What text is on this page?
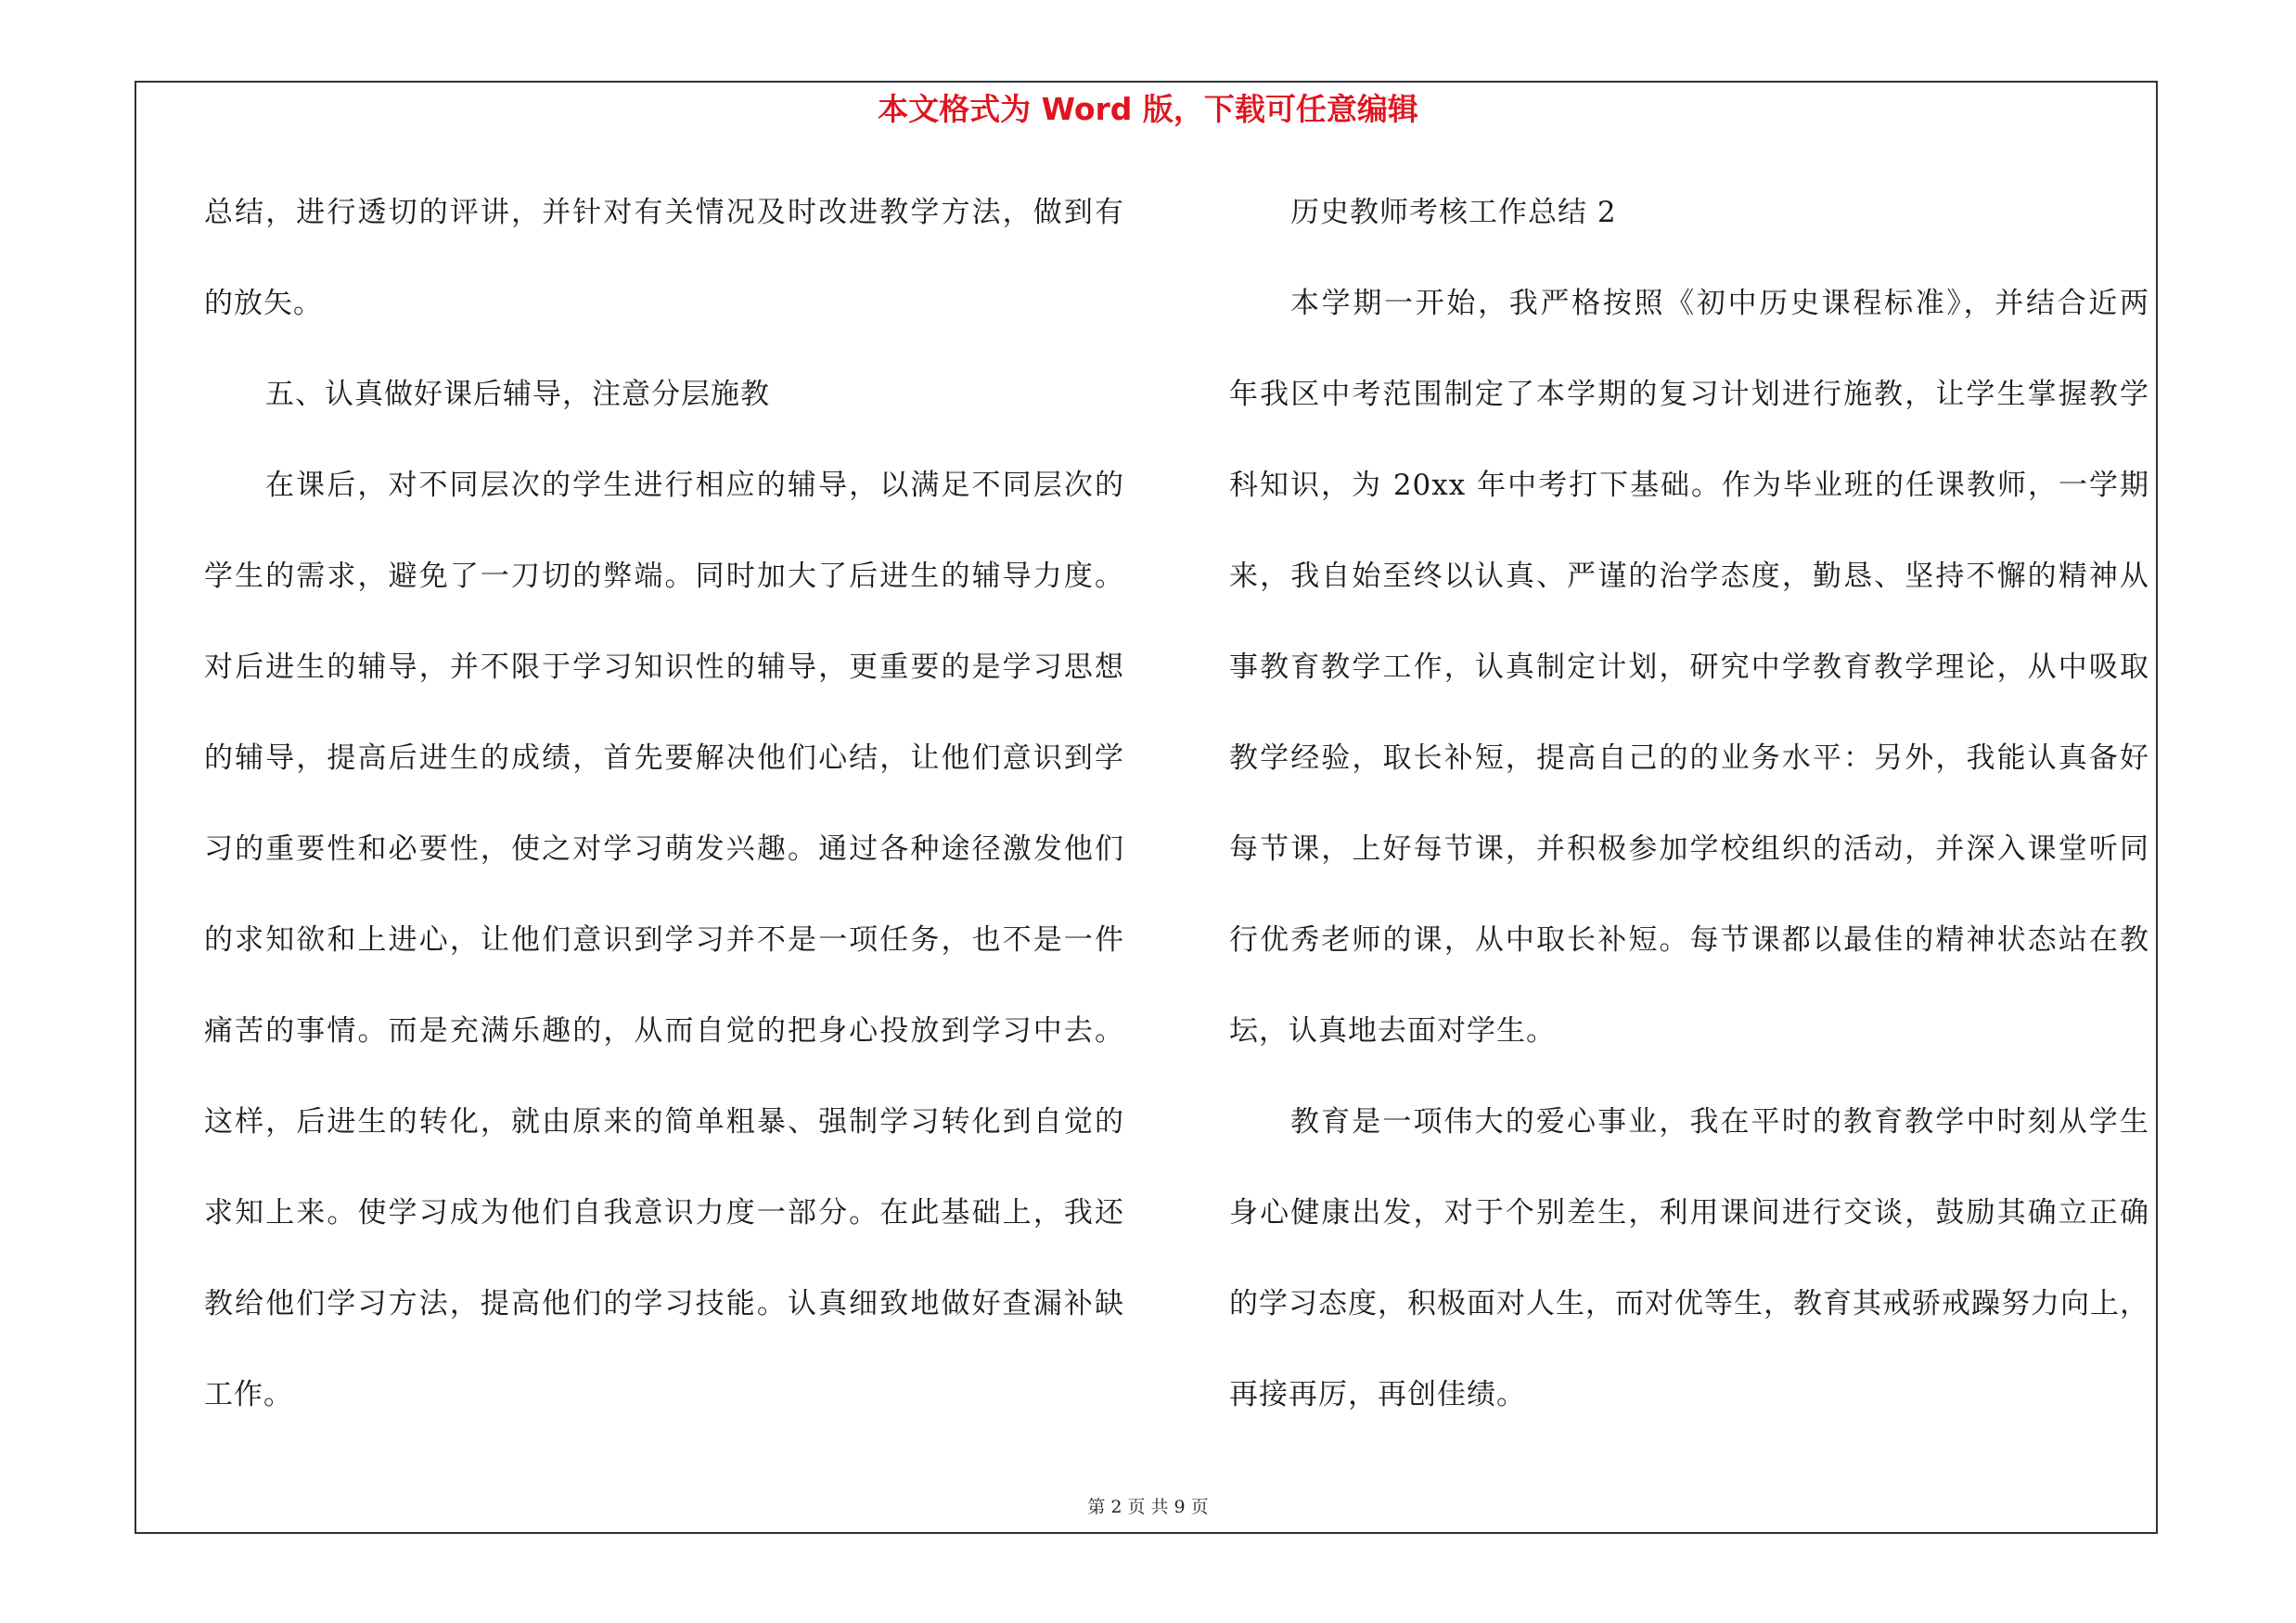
本文格式为 Word 版，下载可任意编辑
总结，进行透切的评讲，并针对有关情况及时改进教学方法，做到有
的放矢。
五、认真做好课后辅导，注意分层施教
在课后，对不同层次的学生进行相应的辅导，以满足不同层次的
学生的需求，避免了一刀切的弊端。同时加大了后进生的辅导力度。
对后进生的辅导，并不限于学习知识性的辅导，更重要的是学习思想
的辅导，提高后进生的成绩，首先要解决他们心结，让他们意识到学
习的重要性和必要性，使之对学习萌发兴趣。通过各种途径激发他们
的求知欲和上进心，让他们意识到学习并不是一项任务，也不是一件
痛苦的事情。而是充满乐趣的，从而自觉的把身心投放到学习中去。
这样，后进生的转化，就由原来的简单粗暴、强制学习转化到自觉的
求知上来。使学习成为他们自我意识力度一部分。在此基础上，我还
教给他们学习方法，提高他们的学习技能。认真细致地做好查漏补缺
工作。
历史教师考核工作总结 2
本学期一开始，我严格按照《初中历史课程标准》，并结合近两
年我区中考范围制定了本学期的复习计划进行施教，让学生掌握教学
科知识，为 20xx 年中考打下基础。作为毕业班的任课教师，一学期
来，我自始至终以认真、严谨的治学态度，勤恳、坚持不懈的精神从
事教育教学工作，认真制定计划，研究中学教育教学理论，从中吸取
教学经验，取长补短，提高自己的的业务水平：另外，我能认真备好
每节课，上好每节课，并积极参加学校组织的活动，并深入课堂听同
行优秀老师的课，从中取长补短。每节课都以最佳的精神状态站在教
坛，认真地去面对学生。
教育是一项伟大的爱心事业，我在平时的教育教学中时刻从学生
身心健康出发，对于个别差生，利用课间进行交谈，鼓励其确立正确
的学习态度，积极面对人生，而对优等生，教育其戒骄戒躁努力向上，
再接再厉，再创佳绩。
第 2 页 共 9 页
